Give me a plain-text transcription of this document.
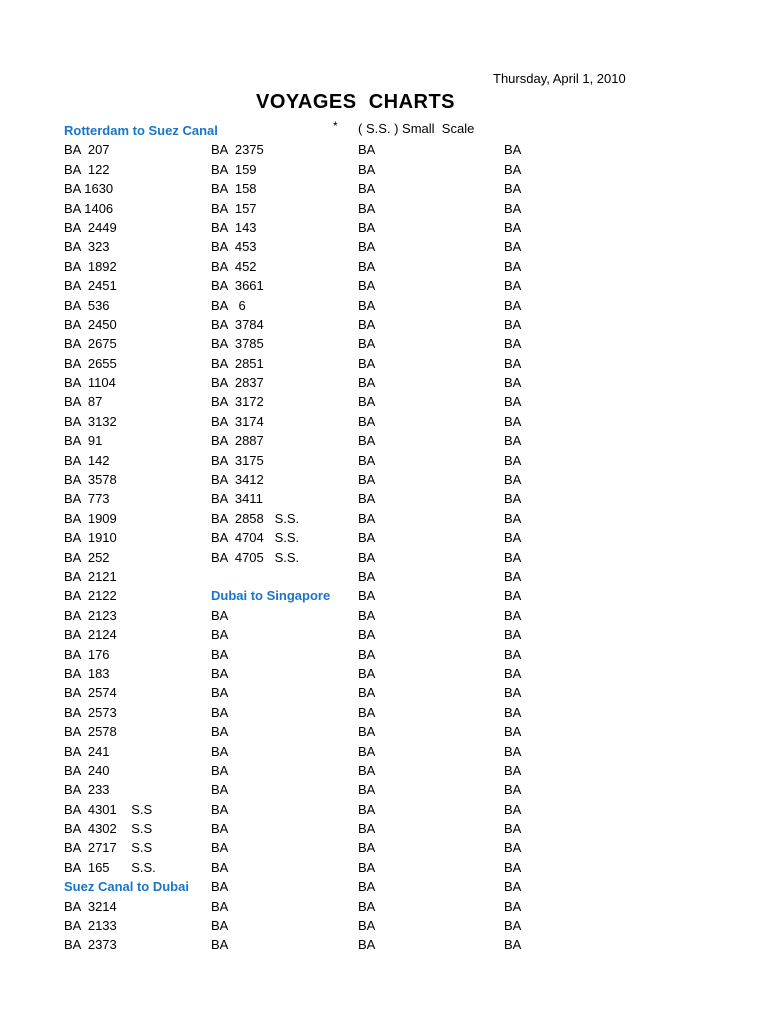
Thursday, April 1, 2010
VOYAGES  CHARTS
* ( S.S. ) Small  Scale
Rotterdam to Suez Canal
BA  207
BA  122
BA 1630
BA 1406
BA  2449
BA  323
BA  1892
BA  2451
BA  536
BA  2450
BA  2675
BA  2655
BA  1104
BA  87
BA  3132
BA  91
BA  142
BA  3578
BA  773
BA  1909
BA  1910
BA  252
BA  2121
BA  2122
BA  2123
BA  2124
BA  176
BA  183
BA  2574
BA  2573
BA  2578
BA  241
BA  240
BA  233
BA  4301    S.S
BA  4302    S.S
BA  2717    S.S
BA  165      S.S.
Suez Canal to Dubai
BA  3214
BA  2133
BA  2373
BA  2375
BA  159
BA  158
BA  157
BA  143
BA  453
BA  452
BA  3661
BA   6
BA  3784
BA  3785
BA  2851
BA  2837
BA  3172
BA  3174
BA  2887
BA  3175
BA  3412
BA  3411
BA  2858   S.S.
BA  4704   S.S.
BA  4705   S.S.
Dubai to Singapore
BA
BA
BA
BA
BA
BA
BA
BA
BA
BA
BA
BA
BA
BA
BA
BA
BA
BA
BA
BA
BA
BA
BA
BA
BA
BA
BA
BA
BA
BA
BA
BA
BA
BA
BA
BA
BA
BA
BA
BA
BA
BA
BA
BA
BA
BA
BA
BA
BA
BA
BA
BA
BA
BA
BA
BA
BA
BA
BA
BA
BA
BA
BA
BA
BA
BA
BA
BA
BA
BA
BA
BA
BA
BA
BA
BA
BA
BA
BA
BA
BA
BA
BA
BA
BA
BA
BA
BA
BA
BA
BA
BA
BA
BA
BA
BA
BA
BA
BA
BA
BA
BA
